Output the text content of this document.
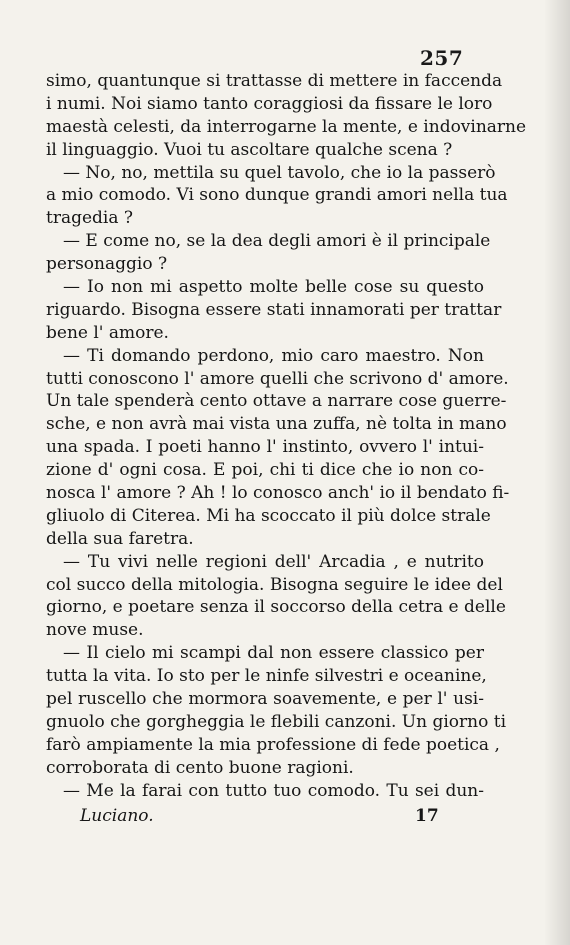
257
simo, quantunque si trattasse di mettere in faccenda
i numi. Noi siamo tanto coraggiosi da fissare le loro
maestà celesti, da interrogarne la mente, e indovinarne
il linguaggio. Vuoi tu ascoltare qualche scena ?
— No, no, mettila su quel tavolo, che io la passerò
a mio comodo. Vi sono dunque grandi amori nella tua
tragedia ?
— E come no, se la dea degli amori è il principale
personaggio ?
— Io non mi aspetto molte belle cose su questo
riguardo. Bisogna essere stati innamorati per trattar
bene l' amore.
— Ti domando perdono, mio caro maestro. Non
tutti conoscono l' amore quelli che scrivono d' amore.
Un tale spenderà cento ottave a narrare cose guerre-
sche, e non avrà mai vista una zuffa, nè tolta in mano
una spada. I poeti hanno l' instinto, ovvero l' intui-
zione d' ogni cosa. E poi, chi ti dice che io non co-
nosca l' amore ? Ah ! lo conosco anch' io il bendato fi-
gliuolo di Citerea. Mi ha scoccato il più dolce strale
della sua faretra.
— Tu vivi nelle regioni dell' Arcadia , e nutrito
col succo della mitologia. Bisogna seguire le idee del
giorno, e poetare senza il soccorso della cetra e delle
nove muse.
— Il cielo mi scampi dal non essere classico per
tutta la vita. Io sto per le ninfe silvestri e oceanine,
pel ruscello che mormora soavemente, e per l' usi-
gnuolo che gorgheggia le flebili canzoni. Un giorno ti
farò ampiamente la mia professione di fede poetica ,
corroborata di cento buone ragioni.
— Me la farai con tutto tuo comodo. Tu sei dun-
Luciano.	17
